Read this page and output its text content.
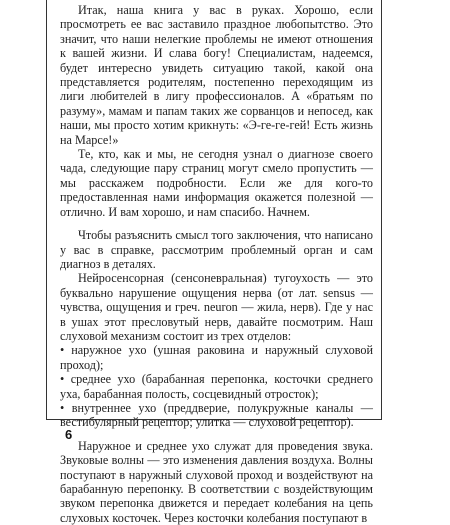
Итак, наша книга у вас в руках. Хорошо, если просмотреть ее вас заставило праздное любопытство. Это значит, что наши нелегкие проблемы не имеют отношения к вашей жизни. И слава богу! Специалистам, надеемся, будет интересно увидеть ситуацию такой, какой она представляется родителям, постепенно переходящим из лиги любителей в лигу профессионалов. А «братьям по разуму», мамам и папам таких же сорванцов и непосед, как наши, мы просто хотим крикнуть: «Э-ге-ге-гей! Есть жизнь на Марсе!»

Те, кто, как и мы, не сегодня узнал о диагнозе своего чада, следующие пару страниц могут смело пропустить — мы расскажем подробности. Если же для кого-то предоставленная нами информация окажется полезной — отлично. И вам хорошо, и нам спасибо. Начнем.

Чтобы разъяснить смысл того заключения, что написано у вас в справке, рассмотрим проблемный орган и сам диагноз в деталях.

Нейросенсорная (сенсоневральная) тугоухость — это буквально нарушение ощущения нерва (от лат. sensus — чувства, ощущения и греч. neuron — жила, нерв). Где у нас в ушах этот пресловутый нерв, давайте посмотрим. Наш слуховой механизм состоит из трех отделов:

• наружное ухо (ушная раковина и наружный слуховой проход);

• среднее ухо (барабанная перепонка, косточки среднего уха, барабанная полость, сосцевидный отросток);

• внутреннее ухо (преддверие, полукружные каналы — вестибулярный рецептор; улитка — слуховой рецептор).

Наружное и среднее ухо служат для проведения звука. Звуковые волны — это изменения давления воздуха. Волны поступают в наружный слуховой проход и воздействуют на барабанную перепонку. В соответствии с воздействующим звуком перепонка движется и передает колебания на цепь слуховых косточек. Через косточки колебания поступают в

6
